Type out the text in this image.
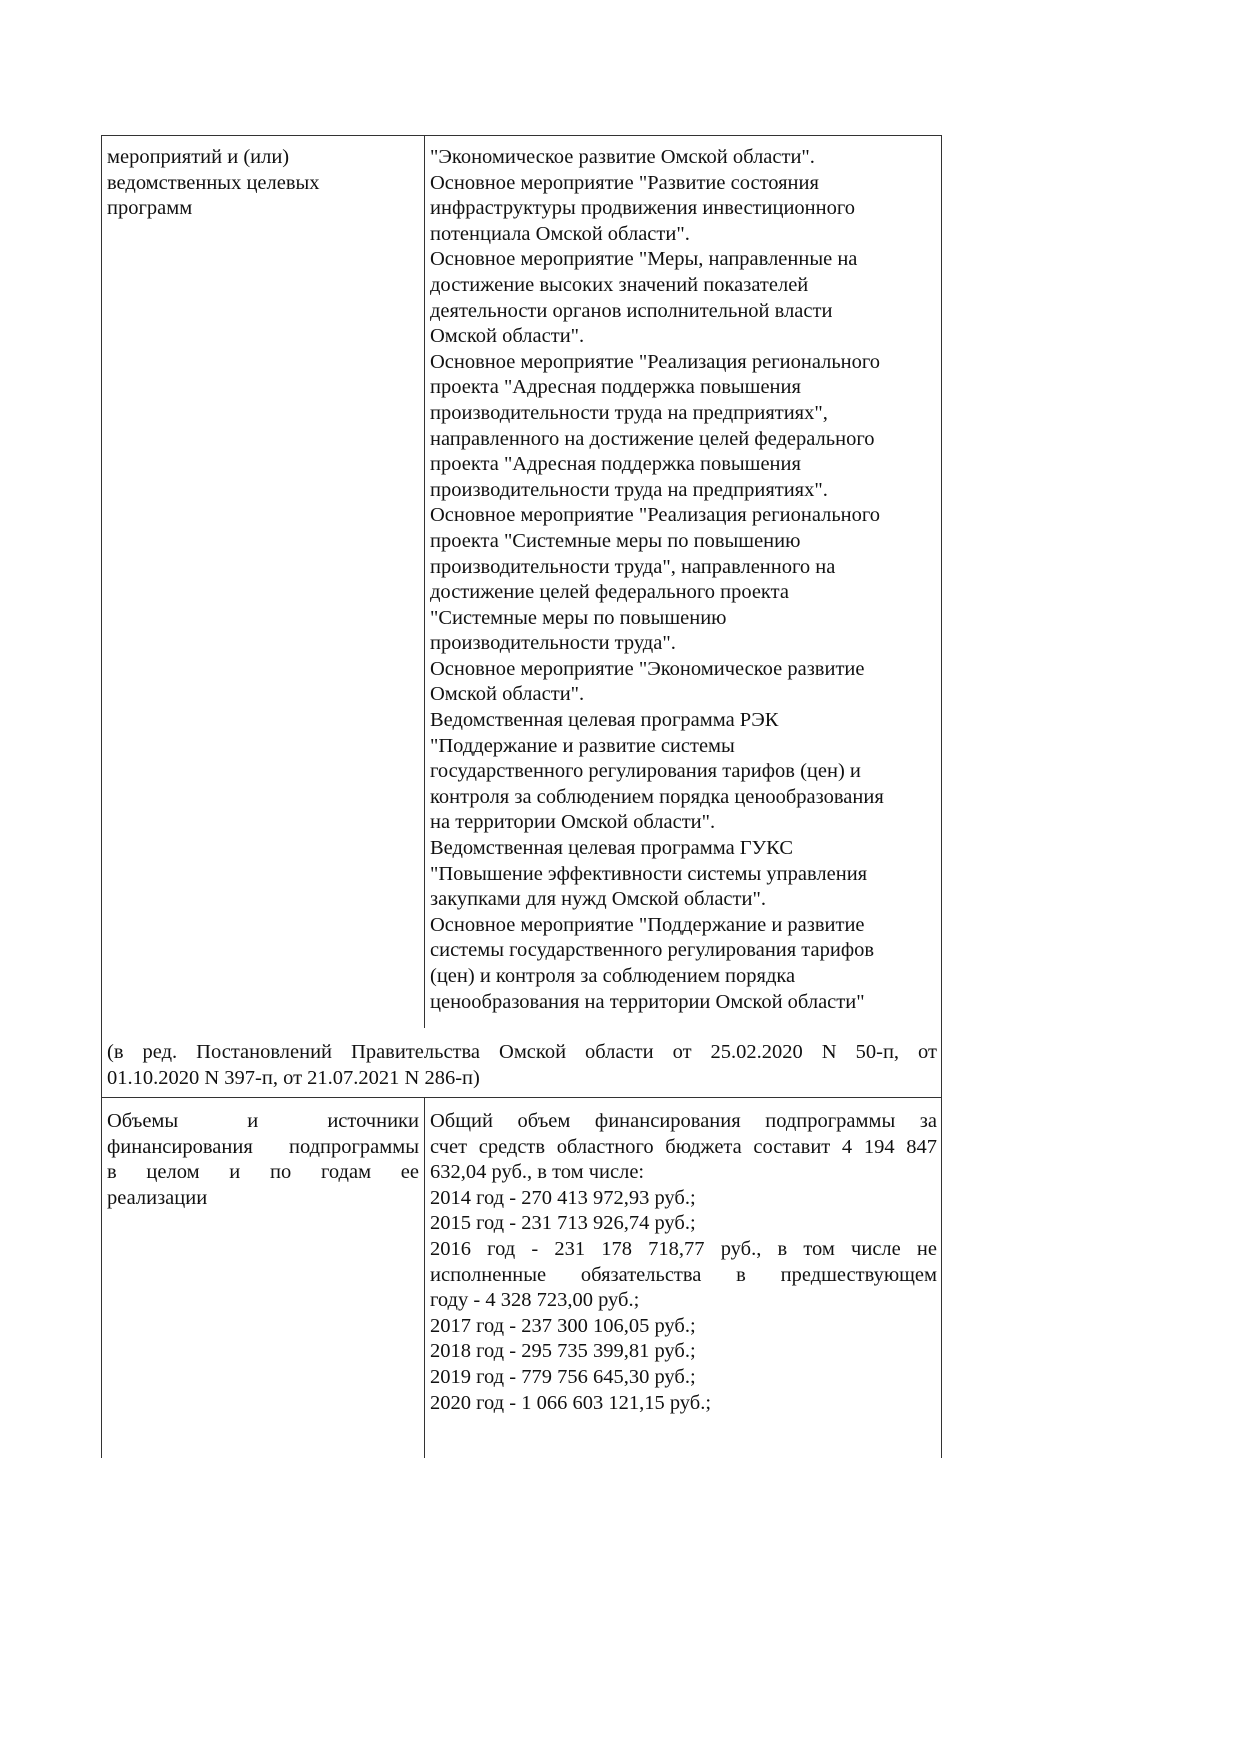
мероприятий и (или)
ведомственных целевых
программ
"Экономическое развитие Омской области".
Основное мероприятие "Развитие состояния
инфраструктуры продвижения инвестиционного
потенциала Омской области".
Основное мероприятие "Меры, направленные на
достижение высоких значений показателей
деятельности органов исполнительной власти
Омской области".
Основное мероприятие "Реализация регионального
проекта "Адресная поддержка повышения
производительности труда на предприятиях",
направленного на достижение целей федерального
проекта "Адресная поддержка повышения
производительности труда на предприятиях".
Основное мероприятие "Реализация регионального
проекта "Системные меры по повышению
производительности труда", направленного на
достижение целей федерального проекта
"Системные меры по повышению
производительности труда".
Основное мероприятие "Экономическое развитие
Омской области".
Ведомственная целевая программа РЭК
"Поддержание и развитие системы
государственного регулирования тарифов (цен) и
контроля за соблюдением порядка ценообразования
на территории Омской области".
Ведомственная целевая программа ГУКС
"Повышение эффективности системы управления
закупками для нужд Омской области".
Основное мероприятие "Поддержание и развитие
системы государственного регулирования тарифов
(цен) и контроля за соблюдением порядка
ценообразования на территории Омской области"
(в ред. Постановлений Правительства Омской области от 25.02.2020 N 50-п, от
01.10.2020 N 397-п, от 21.07.2021 N 286-п)
Объемы и источники
финансирования подпрограммы
в целом и по годам ее
реализации
Общий объем финансирования подпрограммы за
счет средств областного бюджета составит 4 194 847
632,04 руб., в том числе:
2014 год - 270 413 972,93 руб.;
2015 год - 231 713 926,74 руб.;
2016 год - 231 178 718,77 руб., в том числе не
исполненные обязательства в предшествующем
году - 4 328 723,00 руб.;
2017 год - 237 300 106,05 руб.;
2018 год - 295 735 399,81 руб.;
2019 год - 779 756 645,30 руб.;
2020 год - 1 066 603 121,15 руб.;
